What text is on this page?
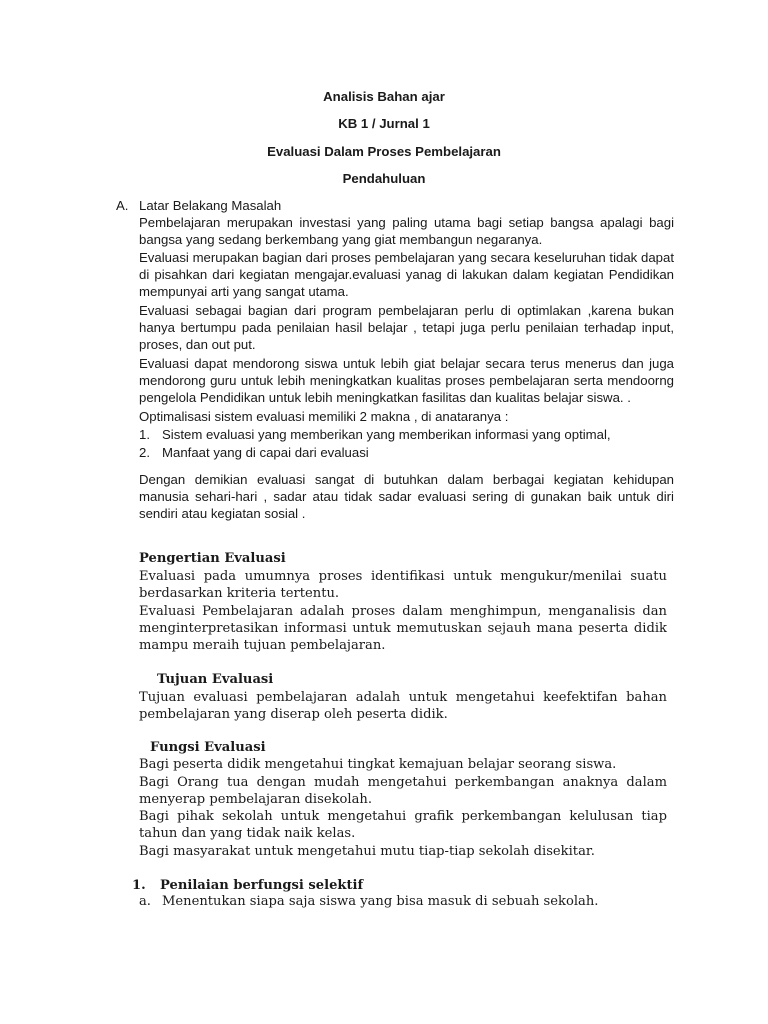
Analisis Bahan ajar
KB 1 / Jurnal 1
Evaluasi Dalam Proses Pembelajaran
Pendahuluan
A. Latar Belakang Masalah
Pembelajaran merupakan investasi yang paling utama bagi setiap bangsa apalagi bagi bangsa yang sedang berkembang yang giat membangun negaranya.
Evaluasi merupakan bagian dari proses pembelajaran yang secara keseluruhan tidak dapat di pisahkan dari kegiatan mengajar.evaluasi yanag di lakukan dalam kegiatan Pendidikan mempunyai arti yang sangat utama.
Evaluasi sebagai bagian dari program pembelajaran perlu di optimlakan ,karena bukan hanya bertumpu pada penilaian hasil belajar , tetapi juga perlu penilaian terhadap input, proses, dan out put.
Evaluasi dapat mendorong siswa untuk lebih giat belajar secara terus menerus dan juga mendorong guru untuk lebih meningkatkan kualitas proses pembelajaran serta mendoorng pengelola Pendidikan untuk lebih meningkatkan fasilitas dan kualitas belajar siswa. .
Optimalisasi sistem evaluasi memiliki 2 makna , di anataranya :
1. Sistem evaluasi yang memberikan yang memberikan informasi yang optimal,
2. Manfaat yang di capai dari evaluasi
Dengan demikian evaluasi sangat di butuhkan dalam berbagai kegiatan kehidupan manusia sehari-hari , sadar atau tidak sadar evaluasi sering di gunakan baik untuk diri sendiri atau kegiatan sosial .
Pengertian Evaluasi
Evaluasi pada umumnya proses identifikasi untuk mengukur/menilai suatu berdasarkan kriteria tertentu.
Evaluasi Pembelajaran adalah proses dalam menghimpun, menganalisis dan menginterpretasikan informasi untuk memutuskan sejauh mana peserta didik mampu meraih tujuan pembelajaran.
Tujuan Evaluasi
Tujuan evaluasi pembelajaran adalah untuk mengetahui keefektifan bahan pembelajaran yang diserap oleh peserta didik.
Fungsi Evaluasi
Bagi peserta didik mengetahui tingkat kemajuan belajar seorang siswa.
Bagi Orang tua dengan mudah mengetahui perkembangan anaknya dalam menyerap pembelajaran disekolah.
Bagi pihak sekolah untuk mengetahui grafik perkembangan kelulusan tiap tahun dan yang tidak naik kelas.
Bagi masyarakat untuk mengetahui mutu tiap-tiap sekolah disekitar.
1. Penilaian berfungsi selektif
a. Menentukan siapa saja siswa yang bisa masuk di sebuah sekolah.
